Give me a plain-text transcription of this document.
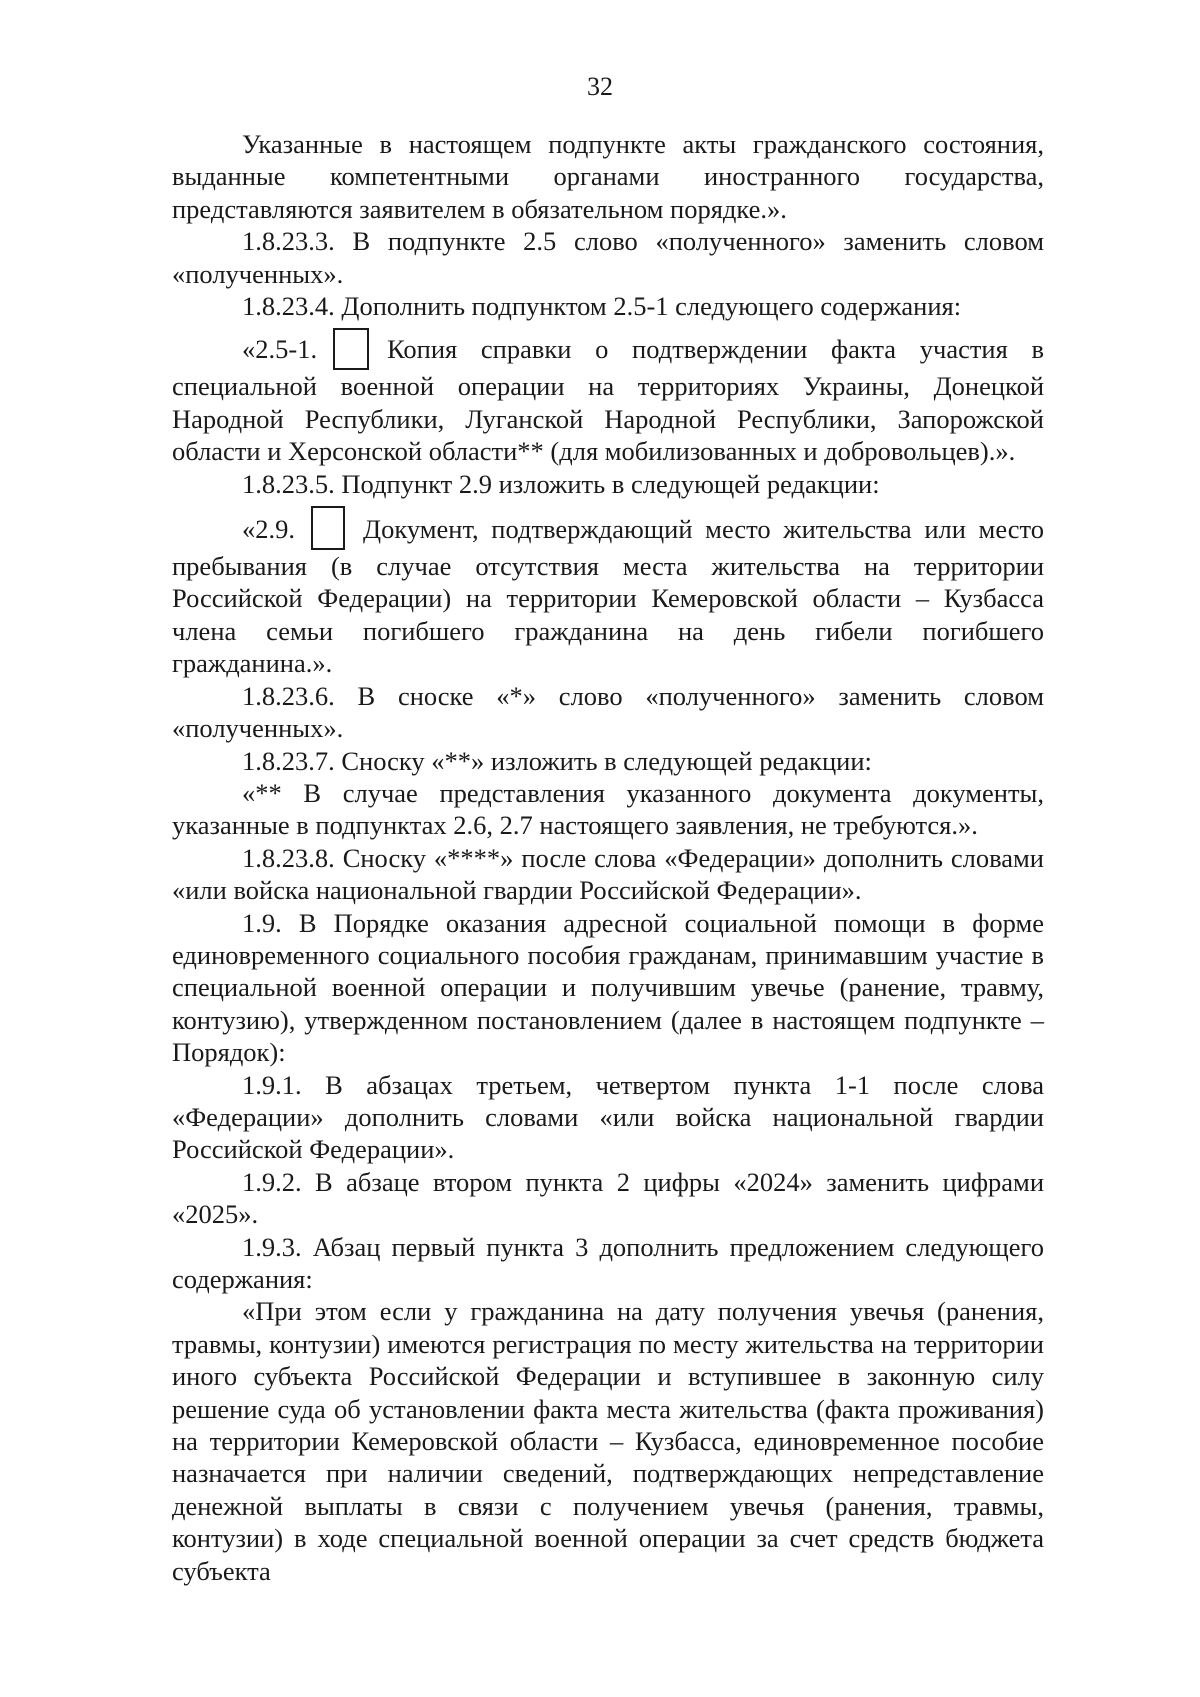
32

Указанные в настоящем подпункте акты гражданского состояния, выданные компетентными органами иностранного государства, представляются заявителем в обязательном порядке.».

1.8.23.3. В подпункте 2.5 слово «полученного» заменить словом «полученных».

1.8.23.4. Дополнить подпунктом 2.5-1 следующего содержания:

«2.5-1.	Копия справки о подтверждении факта участия в специальной военной операции на территориях Украины, Донецкой Народной Республики, Луганской Народной Республики, Запорожской области и Херсонской области** (для мобилизованных и добровольцев).».

1.8.23.5. Подпункт 2.9 изложить в следующей редакции:

«2.9.	Документ, подтверждающий место жительства или место пребывания (в случае отсутствия места жительства на территории Российской Федерации) на территории Кемеровской области – Кузбасса члена семьи погибшего гражданина на день гибели погибшего гражданина.».

1.8.23.6. В сноске «*» слово «полученного» заменить словом «полученных».

1.8.23.7. Сноску «**» изложить в следующей редакции:

«** В случае представления указанного документа документы, указанные в подпунктах 2.6, 2.7 настоящего заявления, не требуются.».

1.8.23.8. Сноску «****» после слова «Федерации» дополнить словами «или войска национальной гвардии Российской Федерации».

1.9. В Порядке оказания адресной социальной помощи в форме единовременного социального пособия гражданам, принимавшим участие в специальной военной операции и получившим увечье (ранение, травму, контузию), утвержденном постановлением (далее в настоящем подпункте – Порядок):

1.9.1. В абзацах третьем, четвертом пункта 1-1 после слова «Федерации» дополнить словами «или войска национальной гвардии Российской Федерации».

1.9.2. В абзаце втором пункта 2 цифры «2024» заменить цифрами «2025».

1.9.3. Абзац первый пункта 3 дополнить предложением следующего содержания:

«При этом если у гражданина на дату получения увечья (ранения, травмы, контузии) имеются регистрация по месту жительства на территории иного субъекта Российской Федерации и вступившее в законную силу решение суда об установлении факта места жительства (факта проживания) на территории Кемеровской области – Кузбасса, единовременное пособие назначается при наличии сведений, подтверждающих непредставление денежной выплаты в связи с получением увечья (ранения, травмы, контузии) в ходе специальной военной операции за счет средств бюджета субъекта
